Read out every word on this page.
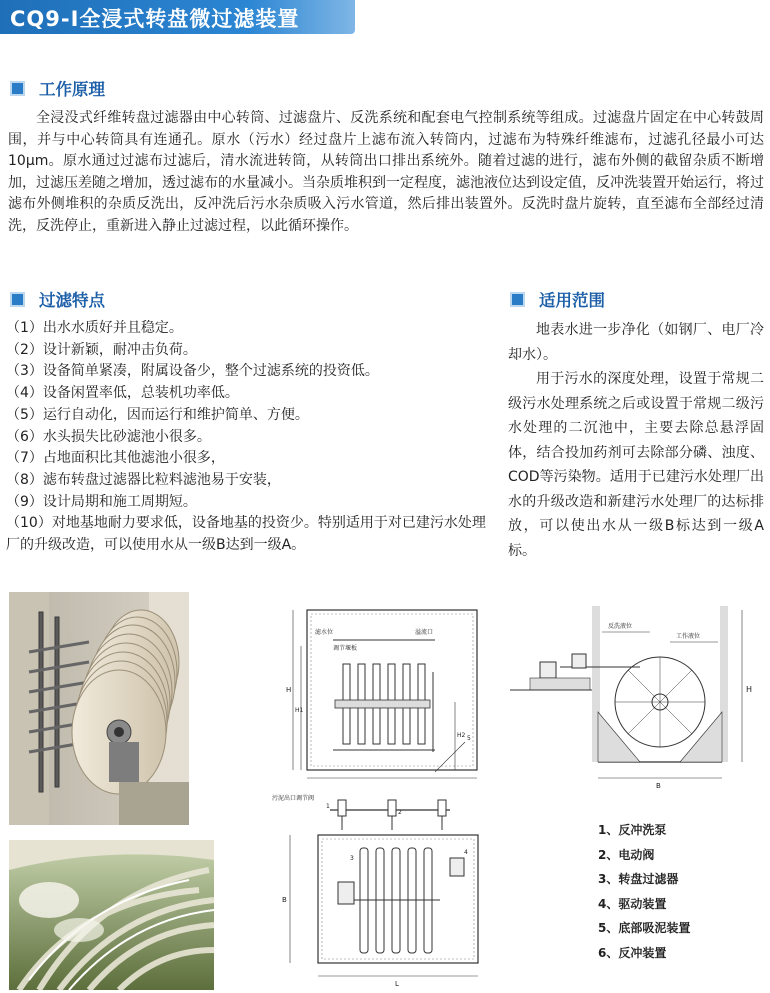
CQ9-Ⅰ全浸式转盘微过滤装置
工作原理
全浸没式纤维转盘过滤器由中心转筒、过滤盘片、反洗系统和配套电气控制系统等组成。过滤盘片固定在中心转鼓周围，并与中心转筒具有连通孔。原水（污水）经过盘片上滤布流入转筒内，过滤布为特殊纤维滤布，过滤孔径最小可达10μm。原水通过过滤布过滤后，清水流进转筒，从转筒出口排出系统外。随着过滤的进行，滤布外侧的截留杂质不断增加，过滤压差随之增加，透过滤布的水量减小。当杂质堆积到一定程度，滤池液位达到设定值，反冲洗装置开始运行，将过滤布外侧堆积的杂质反洗出，反冲洗后污水杂质吸入污水管道，然后排出装置外。反洗时盘片旋转，直至滤布全部经过清洗，反洗停止，重新进入静止过滤过程，以此循环操作。
过滤特点
（1）出水水质好并且稳定。
（2）设计新颖，耐冲击负荷。
（3）设备简单紧凑，附属设备少，整个过滤系统的投资低。
（4）设备闲置率低，总装机功率低。
（5）运行自动化，因而运行和维护简单、方便。
（6）水头损失比砂滤池小很多。
（7）占地面积比其他滤池小很多，
（8）滤布转盘过滤器比粒料滤池易于安装，
（9）设计局期和施工周期短。
（10）对地基地耐力要求低，设备地基的投资少。特别适用于对已建污水处理厂的升级改造，可以使用水从一级B达到一级A。
适用范围

地表水进一步净化（如钢厂、电厂冷却水）。

用于污水的深度处理，设置于常规二级污水处理系统之后或设置于常规二级污水处理的二沉池中，主要去除总悬浮固体，结合投加药剂可去除部分磷、浊度、COD等污染物。适用于已建污水处理厂出水的升级改造和新建污水处理厂的达标排放，可以使出水从一级B标达到一级A标。

滤水位
调节堰板
溢流口
H
H1
H2 5
污泥出口调节阀
1
2
3
4
B
L
反洗液位
工作液位
H
B
1、反冲洗泵
2、电动阀
3、转盘过滤器
4、驱动装置
5、底部吸泥装置
6、反冲装置
